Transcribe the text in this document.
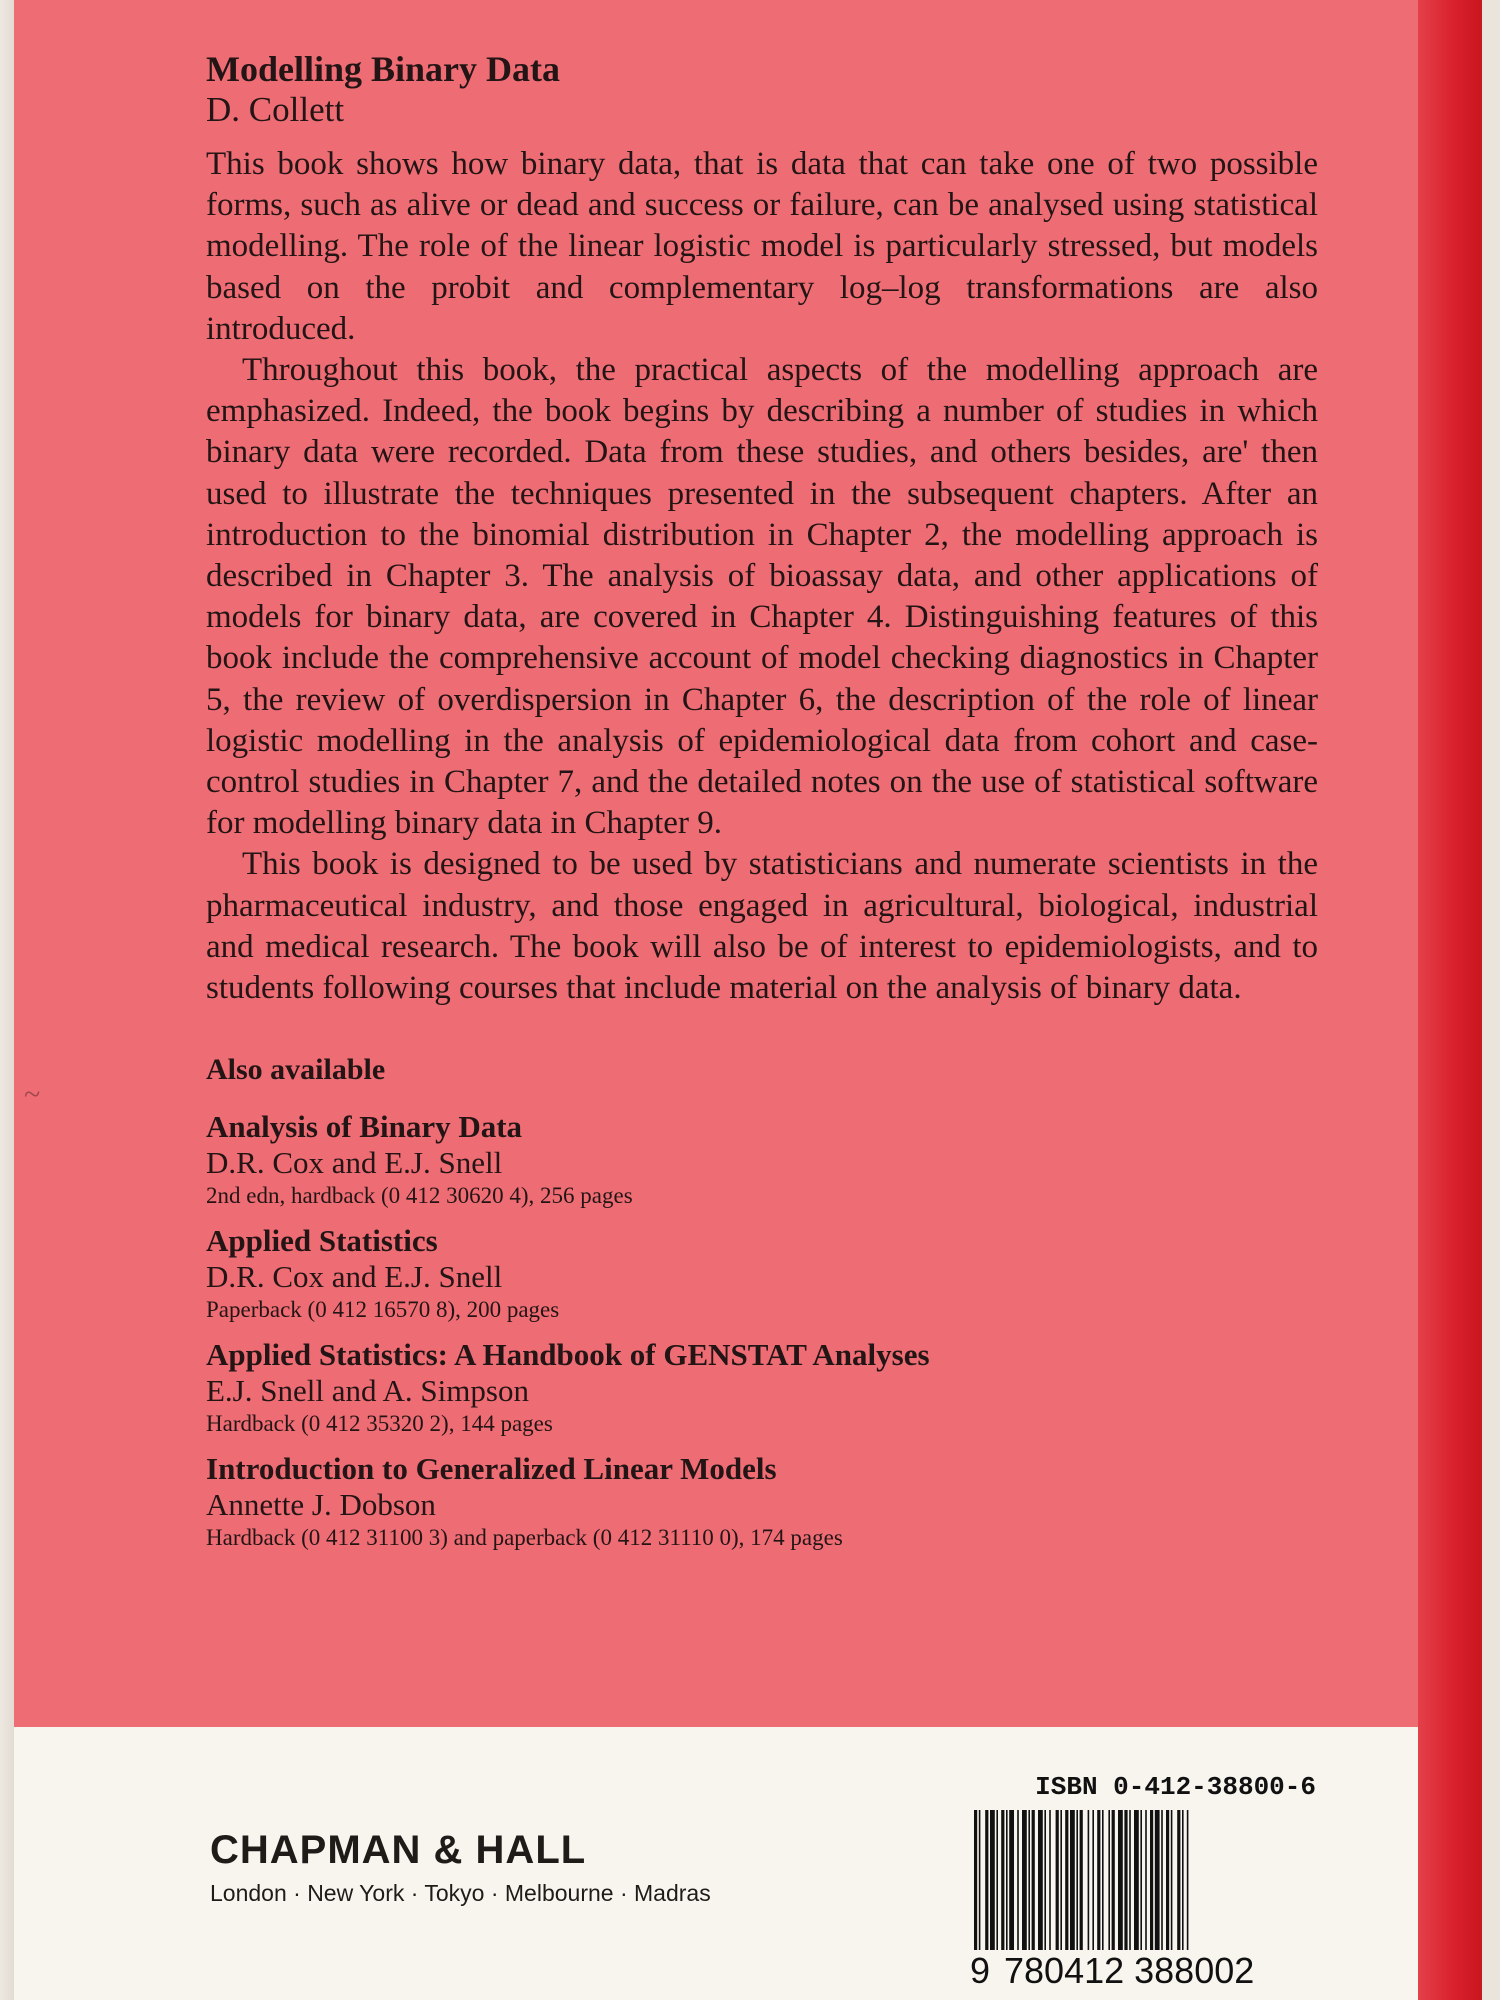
~
Modelling Binary Data
D. Collett

This book shows how binary data, that is data that can take one of two possible forms, such as alive or dead and success or failure, can be analysed using statistical modelling. The role of the linear logistic model is particularly stressed, but models based on the probit and complementary log–log transformations are also introduced.

Throughout this book, the practical aspects of the modelling approach are emphasized. Indeed, the book begins by describing a number of studies in which binary data were recorded. Data from these studies, and others besides, are' then used to illustrate the techniques presented in the subsequent chapters. After an introduction to the binomial distribution in Chapter 2, the modelling approach is described in Chapter 3. The analysis of bioassay data, and other applications of models for binary data, are covered in Chapter 4. Distinguishing features of this book include the comprehensive account of model checking diagnostics in Chapter 5, the review of overdispersion in Chapter 6, the description of the role of linear logistic modelling in the analysis of epidemiological data from cohort and case-control studies in Chapter 7, and the detailed notes on the use of statistical software for modelling binary data in Chapter 9.

This book is designed to be used by statisticians and numerate scientists in the pharmaceutical industry, and those engaged in agricultural, biological, industrial and medical research. The book will also be of interest to epidemiologists, and to students following courses that include material on the analysis of binary data.

Also available
Analysis of Binary Data
D.R. Cox and E.J. Snell
2nd edn, hardback (0 412 30620 4), 256 pages
Applied Statistics
D.R. Cox and E.J. Snell
Paperback (0 412 16570 8), 200 pages
Applied Statistics: A Handbook of GENSTAT Analyses
E.J. Snell and A. Simpson
Hardback (0 412 35320 2), 144 pages
Introduction to Generalized Linear Models
Annette J. Dobson
Hardback (0 412 31100 3) and paperback (0 412 31110 0), 174 pages
CHAPMAN & HALL
London · New York · Tokyo · Melbourne · Madras
ISBN 0-412-38800-6
9 780412 388002
